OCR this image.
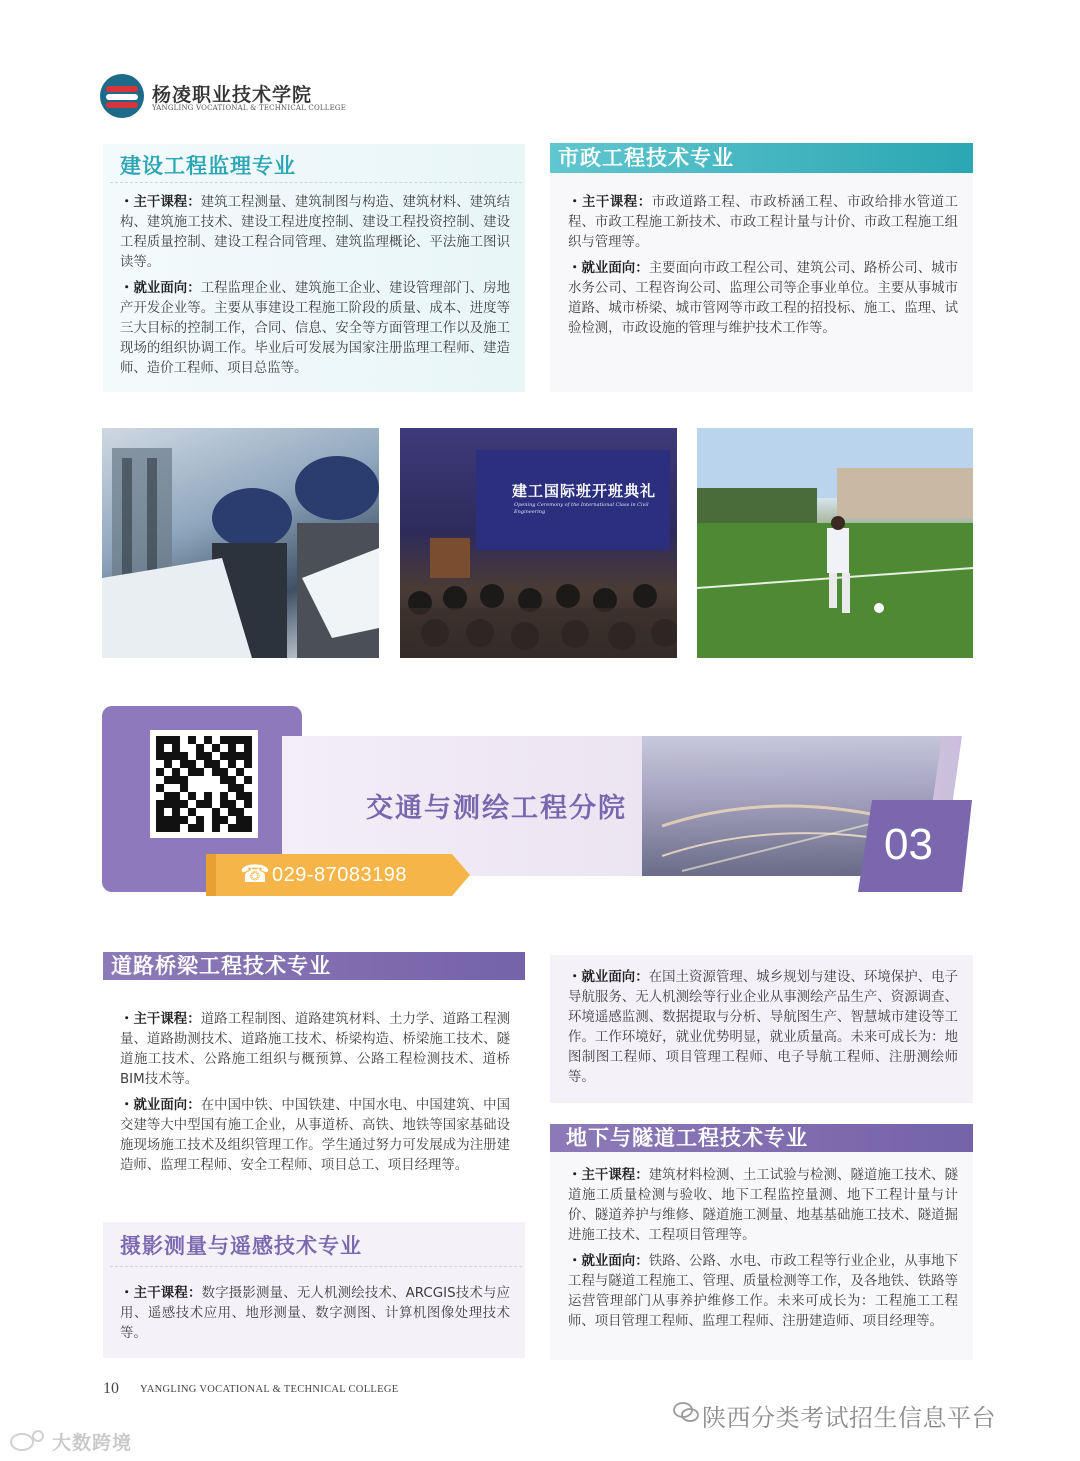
杨凌职业技术学院
YANGLING VOCATIONAL & TECHNICAL COLLEGE
建设工程监理专业

・主干课程：建筑工程测量、建筑制图与构造、建筑材料、建筑结构、建筑施工技术、建设工程进度控制、建设工程投资控制、建设工程质量控制、建设工程合同管理、建筑监理概论、平法施工图识读等。

・就业面向：工程监理企业、建筑施工企业、建设管理部门、房地产开发企业等。主要从事建设工程施工阶段的质量、成本、进度等三大目标的控制工作，合同、信息、安全等方面管理工作以及施工现场的组织协调工作。毕业后可发展为国家注册监理工程师、建造师、造价工程师、项目总监等。

市政工程技术专业

・主干课程：市政道路工程、市政桥涵工程、市政给排水管道工程、市政工程施工新技术、市政工程计量与计价、市政工程施工组织与管理等。

・就业面向：主要面向市政工程公司、建筑公司、路桥公司、城市水务公司、工程咨询公司、监理公司等企事业单位。主要从事城市道路、城市桥梁、城市管网等市政工程的招投标、施工、监理、试验检测，市政设施的管理与维护技术工作等。

建工国际班开班典礼
Opening Ceremony of the International Class in Civil Engineering
☎ 029-87083198
交通与测绘工程分院
03
道路桥梁工程技术专业

・主干课程：道路工程制图、道路建筑材料、土力学、道路工程测量、道路勘测技术、道路施工技术、桥梁构造、桥梁施工技术、隧道施工技术、公路施工组织与概预算、公路工程检测技术、道桥BIM技术等。

・就业面向：在中国中铁、中国铁建、中国水电、中国建筑、中国交建等大中型国有施工企业，从事道桥、高铁、地铁等国家基础设施现场施工技术及组织管理工作。学生通过努力可发展成为注册建造师、监理工程师、安全工程师、项目总工、项目经理等。

摄影测量与遥感技术专业

・主干课程：数字摄影测量、无人机测绘技术、ARCGIS技术与应用、遥感技术应用、地形测量、数字测图、计算机图像处理技术等。

・就业面向：在国土资源管理、城乡规划与建设、环境保护、电子导航服务、无人机测绘等行业企业从事测绘产品生产、资源调查、环境遥感监测、数据提取与分析、导航图生产、智慧城市建设等工作。工作环境好，就业优势明显，就业质量高。未来可成长为：地图制图工程师、项目管理工程师、电子导航工程师、注册测绘师等。

地下与隧道工程技术专业

・主干课程：建筑材料检测、土工试验与检测、隧道施工技术、隧道施工质量检测与验收、地下工程监控量测、地下工程计量与计价、隧道养护与维修、隧道施工测量、地基基础施工技术、隧道掘进施工技术、工程项目管理等。

・就业面向：铁路、公路、水电、市政工程等行业企业，从事地下工程与隧道工程施工、管理、质量检测等工作，及各地铁、铁路等运营管理部门从事养护维修工作。未来可成长为：工程施工工程师、项目管理工程师、监理工程师、注册建造师、项目经理等。

10 YANGLING VOCATIONAL & TECHNICAL COLLEGE
陕西分类考试招生信息平台
大数跨境
